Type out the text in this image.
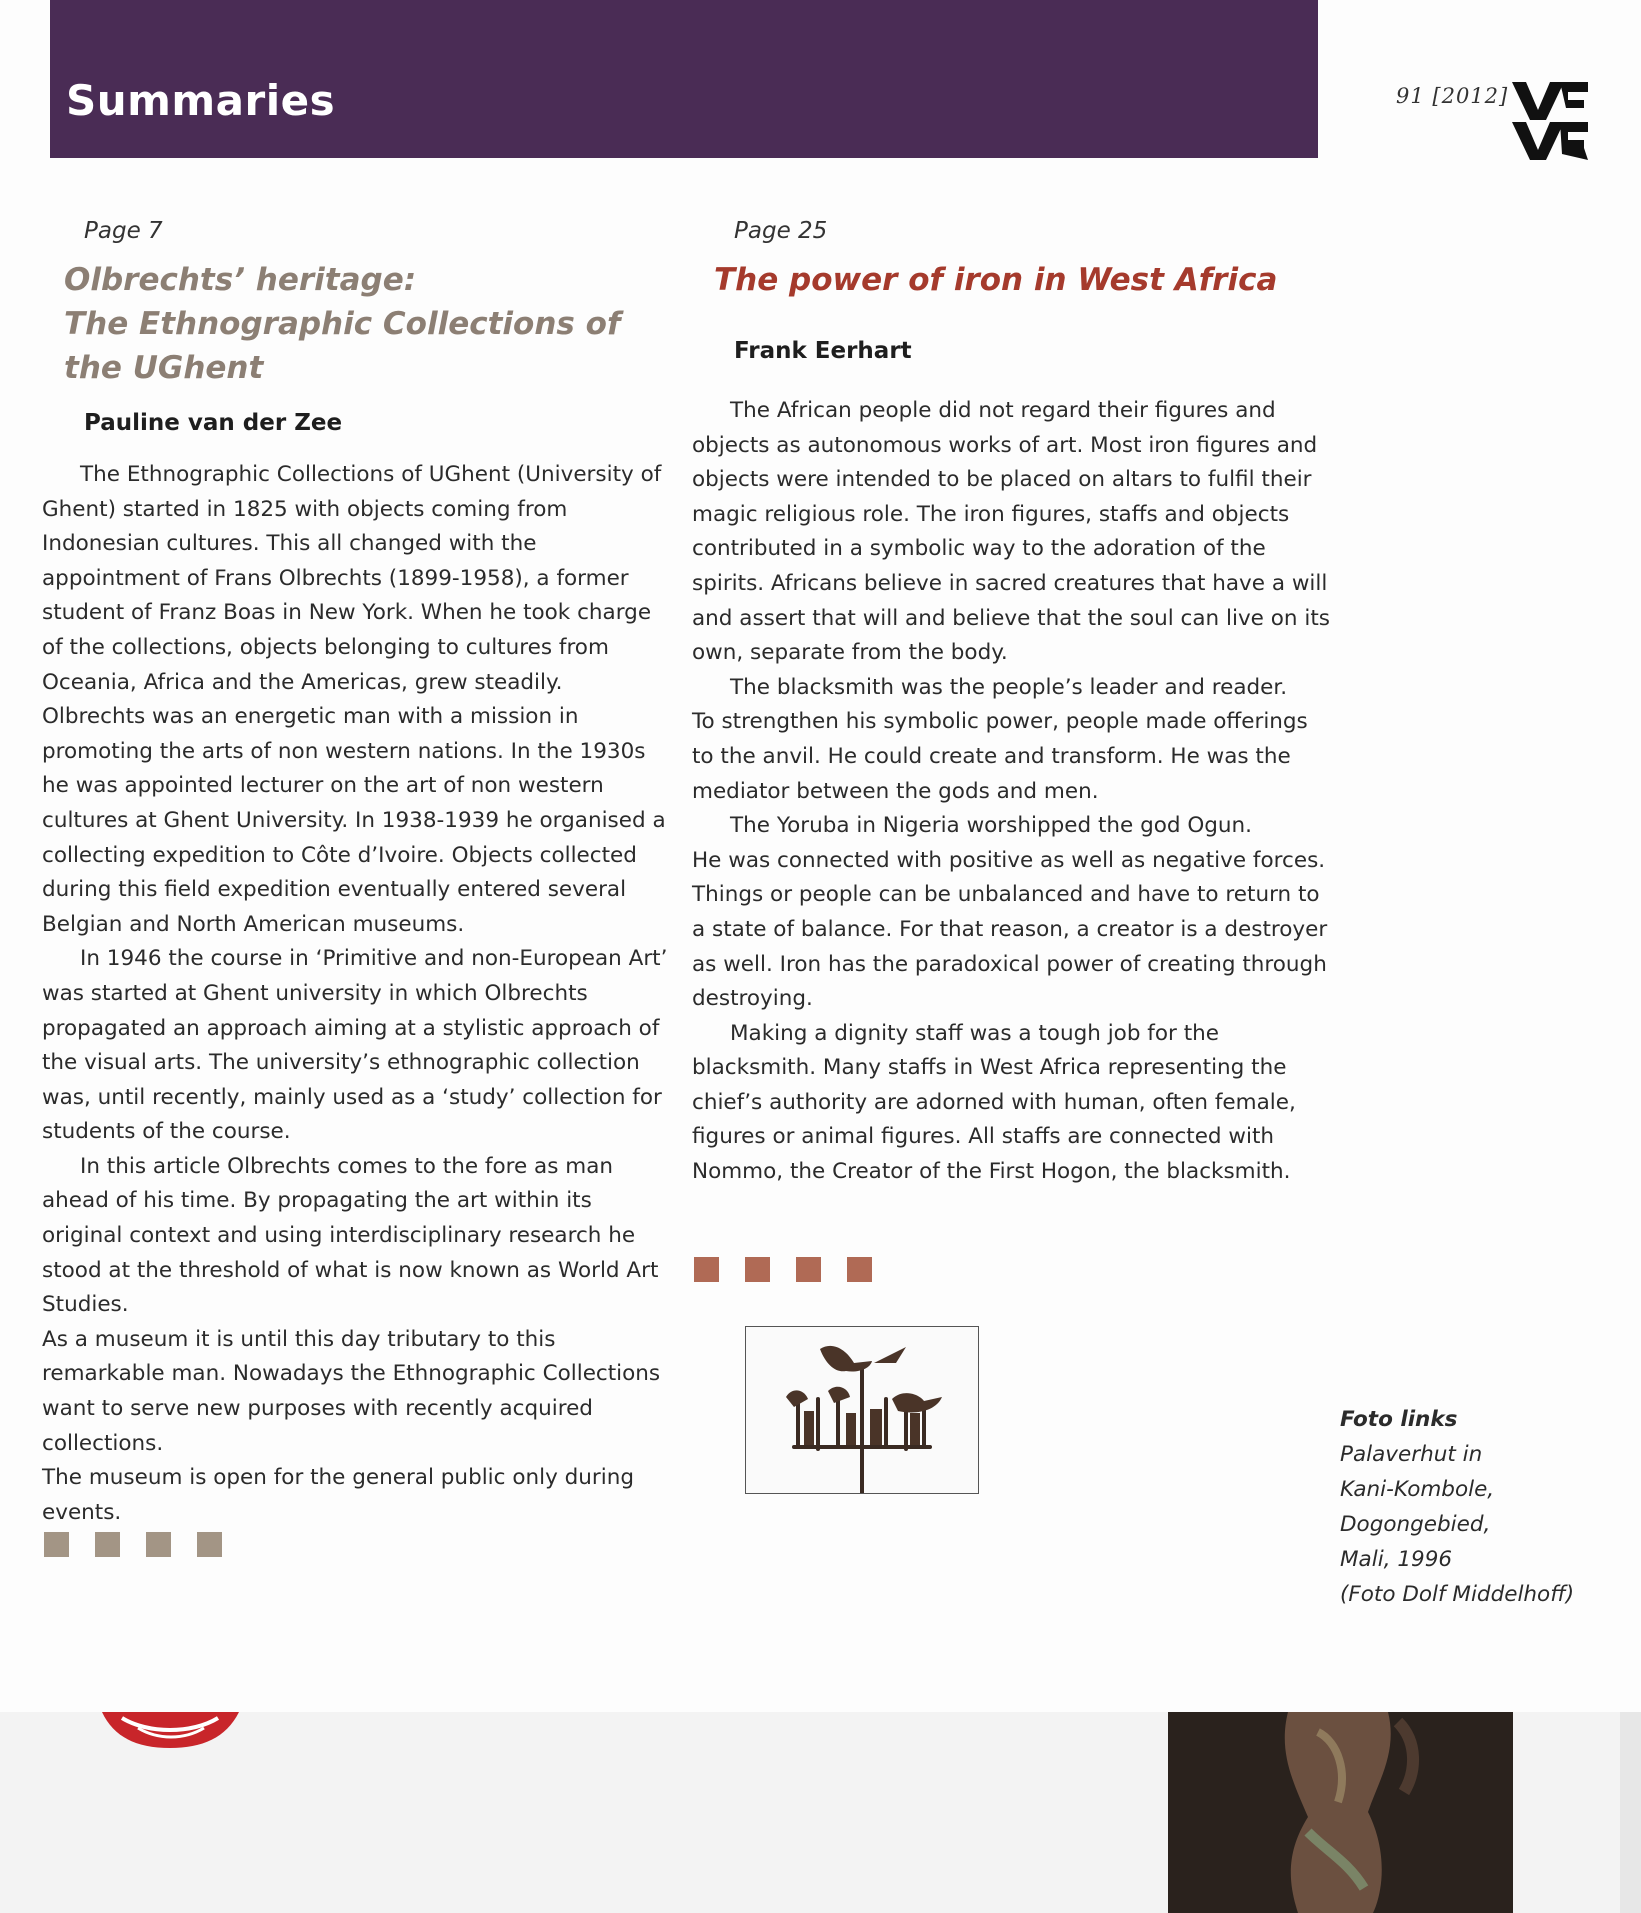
Summaries	91 [2012]
Page 7
Olbrechts’ heritage:
The Ethnographic Collections of
the UGhent
Pauline van der Zee

The Ethnographic Collections of UGhent (University of Ghent) started in 1825 with objects coming from Indonesian cultures. This all changed with the appointment of Frans Olbrechts (1899-1958), a former student of Franz Boas in New York. When he took charge of the collections, objects belonging to cultures from Oceania, Africa and the Americas, grew steadily. Olbrechts was an energetic man with a mission in promoting the arts of non western nations. In the 1930s he was appointed lecturer on the art of non western cultures at Ghent University. In 1938-1939 he organised a collecting expedition to Côte d’Ivoire. Objects collected during this field expedition eventually entered several Belgian and North American museums.

In 1946 the course in ‘Primitive and non-European Art’ was started at Ghent university in which Olbrechts propagated an approach aiming at a stylistic approach of the visual arts. The university’s ethnographic collection was, until recently, mainly used as a ‘study’ collection for students of the course.

In this article Olbrechts comes to the fore as man ahead of his time. By propagating the art within its original context and using interdisciplinary research he stood at the threshold of what is now known as World Art Studies.

As a museum it is until this day tributary to this remarkable man. Nowadays the Ethnographic Collections want to serve new purposes with recently acquired collections.

The museum is open for the general public only during events.

Page 25
The power of iron in West Africa
Frank Eerhart

The African people did not regard their figures and objects as autonomous works of art. Most iron figures and objects were intended to be placed on altars to fulfil their magic religious role. The iron figures, staffs and objects contributed in a symbolic way to the adoration of the spirits. Africans believe in sacred creatures that have a will and assert that will and believe that the soul can live on its own, separate from the body.

The blacksmith was the people’s leader and reader.

To strengthen his symbolic power, people made offerings to the anvil. He could create and transform. He was the mediator between the gods and men.

The Yoruba in Nigeria worshipped the god Ogun.

He was connected with positive as well as negative forces. Things or people can be unbalanced and have to return to a state of balance. For that reason, a creator is a destroyer as well. Iron has the paradoxical power of creating through destroying.

Making a dignity staff was a tough job for the blacksmith. Many staffs in West Africa representing the chief’s authority are adorned with human, often female, figures or animal figures. All staffs are connected with Nommo, the Creator of the First Hogon, the blacksmith.

Foto links
Palaverhut in
Kani-Kombole,
Dogongebied,
Mali, 1996
(Foto Dolf Middelhoff)
